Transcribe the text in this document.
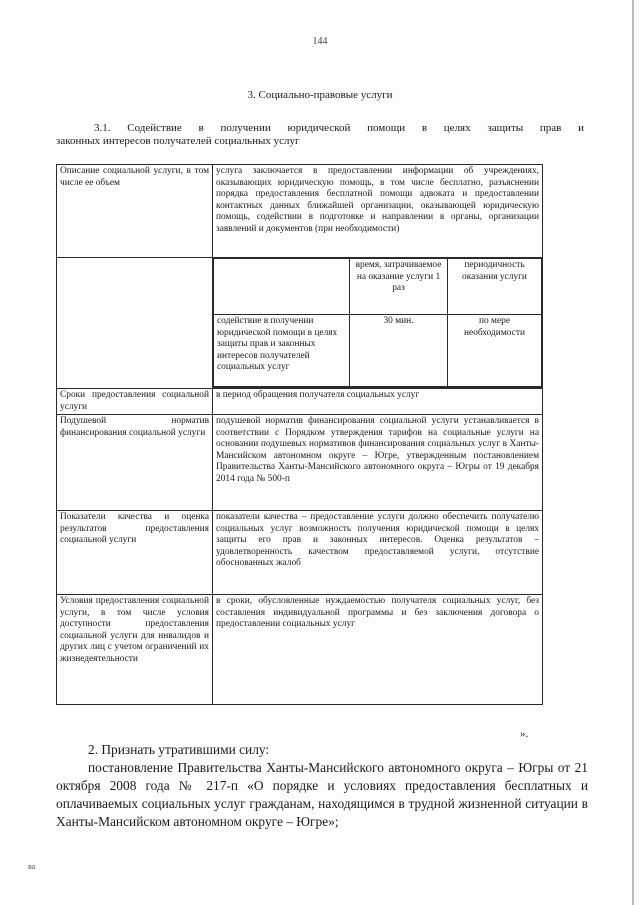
144
3. Социально-правовые услуги
3.1. Содействие в получении юридической помощи в целях защиты прав и
законных интересов получателей социальных услуг
Описание социальной услуги, в том числе ее объем	услуга заключается в предоставлении информации об учреждениях, оказывающих юридическую помощь, в том числе бесплатно, разъяснении порядка предоставления бесплатной помощи адвоката и предоставлении контактных данных ближайшей организации, оказывающей юридическую помощь, содействии в подготовке и направлении в органы, организации заявлений и документов (при необходимости)

	время, затрачиваемое на оказание услуги 1 раз	периодичность оказания услуги
содействие в получении юридической помощи в целях защиты прав и законных интересов получателей социальных услуг	30 мин.	по мере необходимости

Сроки предоставления социальной услуги	в период обращения получателя социальных услуг
Подушевой норматив финансирования социальной услуги	подушевой норматив финансирования социальной услуги устанавливается в соответствии с Порядком утверждения тарифов на социальные услуги на основании подушевых нормативов финансирования социальных услуг в Ханты-Мансийском автономном округе – Югре, утвержденным постановлением Правительства Ханты-Мансийского автономного округа – Югры от 19 декабря 2014 года № 500-п
Показатели качества и оценка результатов предоставления социальной услуги	показатели качества – предоставление услуги должно обеспечить получателю социальных услуг возможность получения юридической помощи в целях защиты его прав и законных интересов. Оценка результатов – удовлетворенность качеством предоставляемой услуги, отсутствие обоснованных жалоб
Условия предоставления социальной услуги, в том числе условия доступности предоставления социальной услуги для инвалидов и других лиц с учетом ограничений их жизнедеятельности	в сроки, обусловленные нуждаемостью получателя социальных услуг, без составления индивидуальной программы и без заключения договора о предоставлении социальных услуг
».
2. Признать утратившими силу:
постановление Правительства Ханты-Мансийского автономного округа – Югры от 21 октября 2008 года № 217-п «О порядке и условиях предоставления бесплатных и оплачиваемых социальных услуг гражданам, находящимся в трудной жизненной ситуации в Ханты-Мансийском автономном округе – Югре»;
ва
